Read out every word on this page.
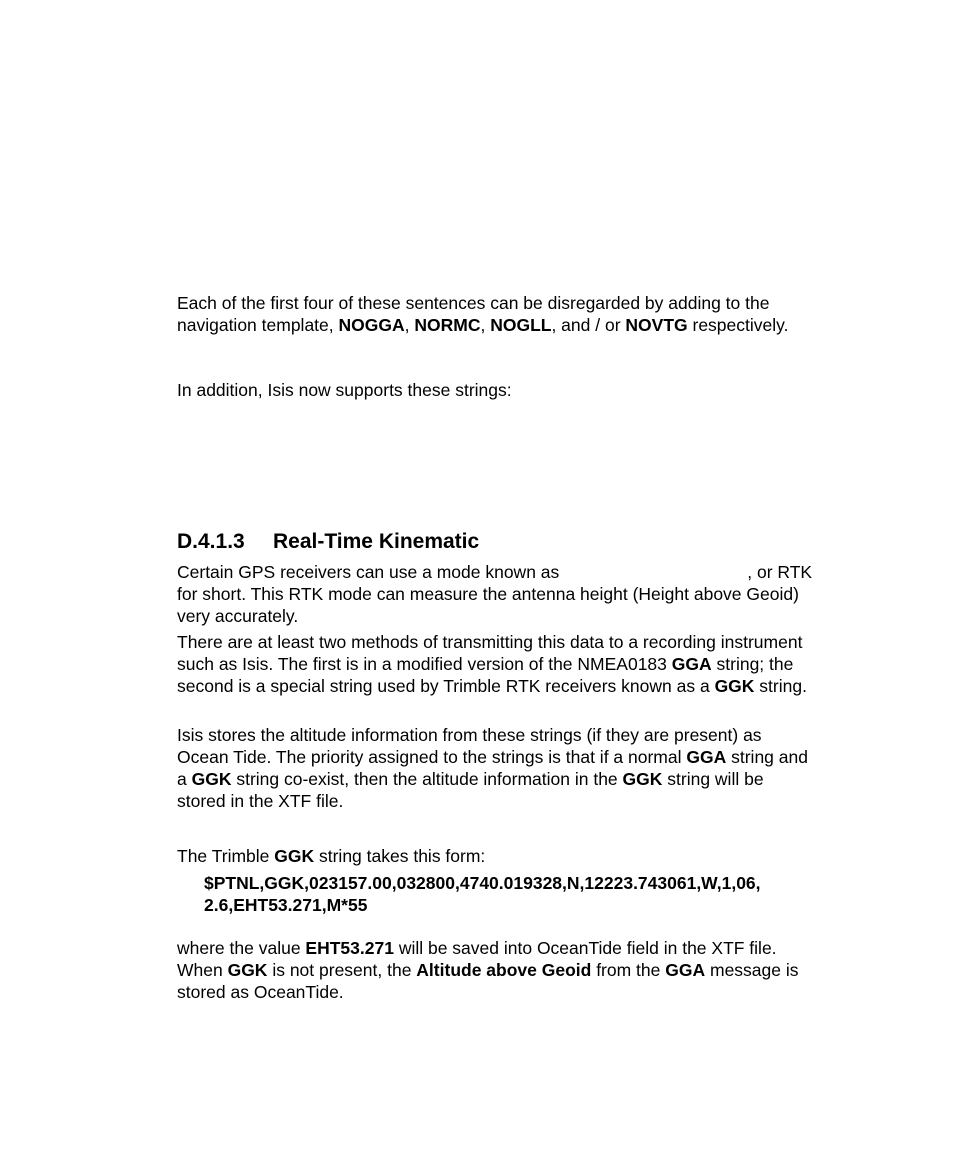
Each of the first four of these sentences can be disregarded by adding to the navigation template, NOGGA, NORMC, NOGLL, and / or NOVTG respectively.

In addition, Isis now supports these strings:

D.4.1.3 Real-Time Kinematic

Certain GPS receivers can use a mode known as	, or RTK for short. This RTK mode can measure the antenna height (Height above Geoid) very accurately.

There are at least two methods of transmitting this data to a recording instrument such as Isis. The first is in a modified version of the NMEA0183 GGA string; the second is a special string used by Trimble RTK receivers known as a GGK string.

Isis stores the altitude information from these strings (if they are present) as Ocean Tide. The priority assigned to the strings is that if a normal GGA string and a GGK string co-exist, then the altitude information in the GGK string will be stored in the XTF file.

The Trimble GGK string takes this form:

$PTNL,GGK,023157.00,032800,4740.019328,N,12223.743061,W,1,06,
2.6,EHT53.271,M*55

where the value EHT53.271 will be saved into OceanTide field in the XTF file. When GGK is not present, the Altitude above Geoid from the GGA message is stored as OceanTide.
